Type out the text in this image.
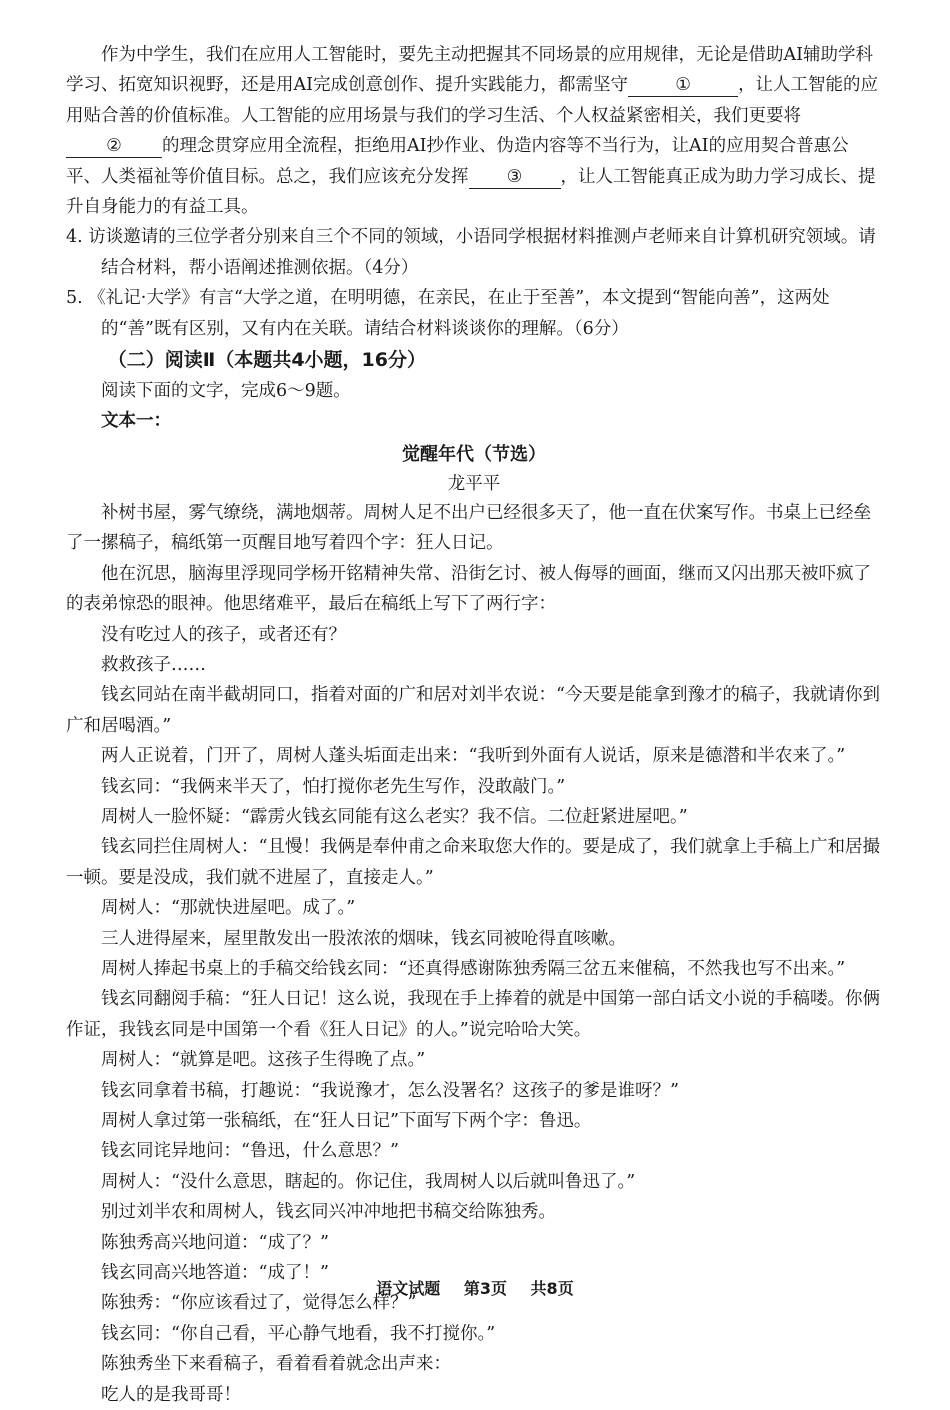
作为中学生，我们在应用人工智能时，要先主动把握其不同场景的应用规律，无论是借助AI辅助学科学习、拓宽知识视野，还是用AI完成创意创作、提升实践能力，都需坚守	①	，让人工智能的应用贴合善的价值标准。人工智能的应用场景与我们的学习生活、个人权益紧密相关，我们更要将② 的理念贯穿应用全流程，拒绝用AI抄作业、伪造内容等不当行为，让AI的应用契合普惠公平、人类福祉等价值目标。总之，我们应该充分发挥 ③ ，让人工智能真正成为助力学习成长、提升自身能力的有益工具。

4. 访谈邀请的三位学者分别来自三个不同的领域，小语同学根据材料推测卢老师来自计算机研究领域。请结合材料，帮小语阐述推测依据。（4分）

5. 《礼记·大学》有言“大学之道，在明明德，在亲民，在止于至善”，本文提到“智能向善”，这两处的“善”既有区别，又有内在关联。请结合材料谈谈你的理解。（6分）

（二）阅读Ⅱ（本题共4小题，16分）

阅读下面的文字，完成6～9题。

文本一：

觉醒年代（节选）

龙平平

补树书屋，雾气缭绕，满地烟蒂。周树人足不出户已经很多天了，他一直在伏案写作。书桌上已经垒了一摞稿子，稿纸第一页醒目地写着四个字：狂人日记。

他在沉思，脑海里浮现同学杨开铭精神失常、沿街乞讨、被人侮辱的画面，继而又闪出那天被吓疯了的表弟惊恐的眼神。他思绪难平，最后在稿纸上写下了两行字：

没有吃过人的孩子，或者还有？

救救孩子……

钱玄同站在南半截胡同口，指着对面的广和居对刘半农说：“今天要是能拿到豫才的稿子，我就请你到广和居喝酒。”

两人正说着，门开了，周树人蓬头垢面走出来：“我听到外面有人说话，原来是德潜和半农来了。”

钱玄同：“我俩来半天了，怕打搅你老先生写作，没敢敲门。”

周树人一脸怀疑：“霹雳火钱玄同能有这么老实？我不信。二位赶紧进屋吧。”

钱玄同拦住周树人：“且慢！我俩是奉仲甫之命来取您大作的。要是成了，我们就拿上手稿上广和居撮一顿。要是没成，我们就不进屋了，直接走人。”

周树人：“那就快进屋吧。成了。”

三人进得屋来，屋里散发出一股浓浓的烟味，钱玄同被呛得直咳嗽。

周树人捧起书桌上的手稿交给钱玄同：“还真得感谢陈独秀隔三岔五来催稿，不然我也写不出来。”

钱玄同翻阅手稿：“狂人日记！这么说，我现在手上捧着的就是中国第一部白话文小说的手稿喽。你俩作证，我钱玄同是中国第一个看《狂人日记》的人。”说完哈哈大笑。

周树人：“就算是吧。这孩子生得晚了点。”

钱玄同拿着书稿，打趣说：“我说豫才，怎么没署名？这孩子的爹是谁呀？”

周树人拿过第一张稿纸，在“狂人日记”下面写下两个字：鲁迅。

钱玄同诧异地问：“鲁迅，什么意思？”

周树人：“没什么意思，瞎起的。你记住，我周树人以后就叫鲁迅了。”

别过刘半农和周树人，钱玄同兴冲冲地把书稿交给陈独秀。

陈独秀高兴地问道：“成了？”

钱玄同高兴地答道：“成了！”

陈独秀：“你应该看过了，觉得怎么样？”

钱玄同：“你自己看，平心静气地看，我不打搅你。”

陈独秀坐下来看稿子，看着看着就念出声来：

吃人的是我哥哥！

语文试题 第3页 共8页
